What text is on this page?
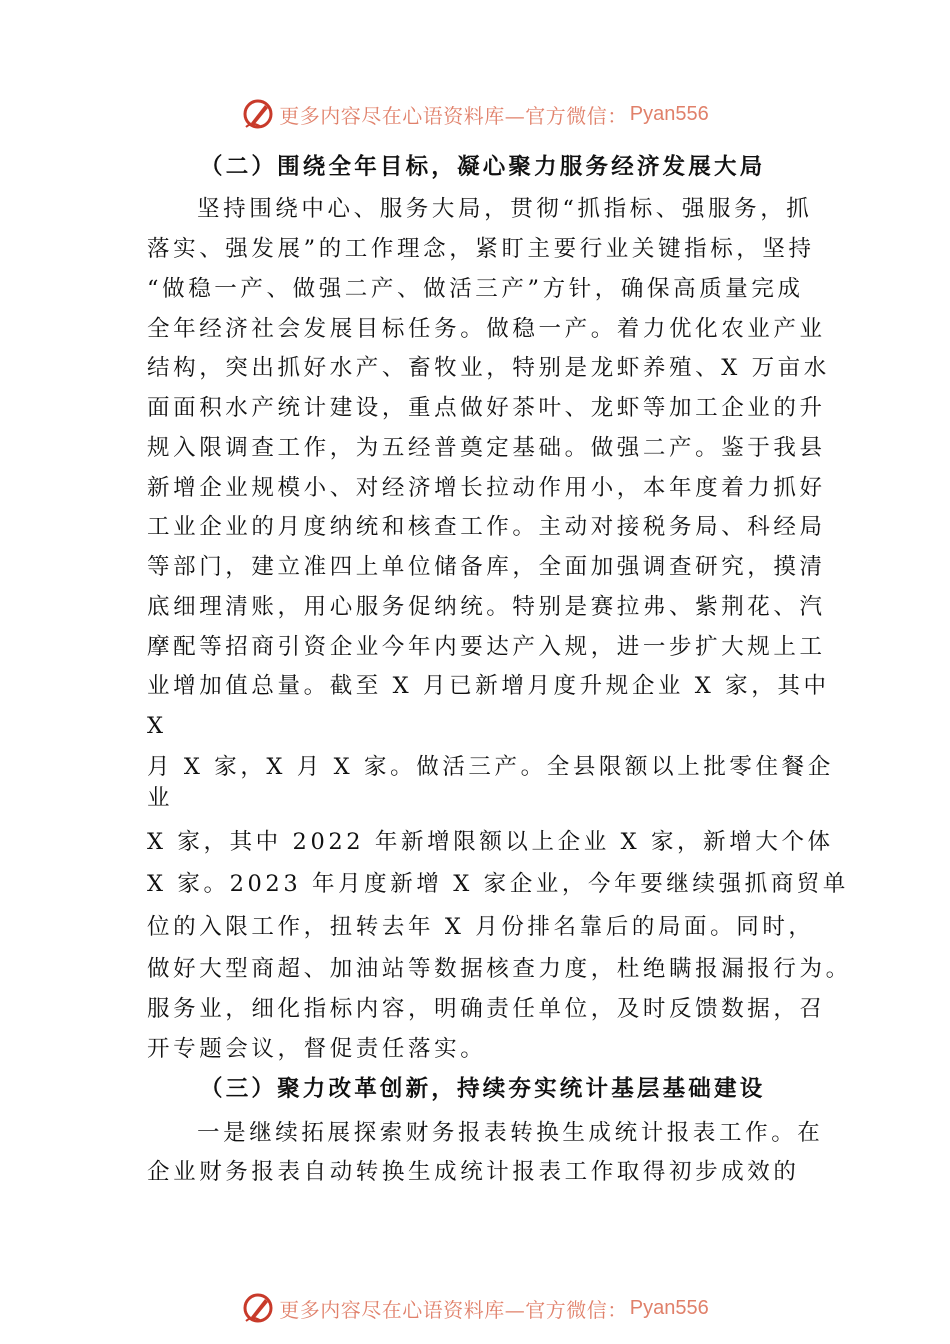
更多内容尽在心语资料库—官方微信： Pyan556
（二）围绕全年目标，凝心聚力服务经济发展大局
坚持围绕中心、服务大局，贯彻“抓指标、强服务，抓
落实、强发展”的工作理念，紧盯主要行业关键指标，坚持
“做稳一产、做强二产、做活三产”方针，确保高质量完成
全年经济社会发展目标任务。做稳一产。着力优化农业产业
结构，突出抓好水产、畜牧业，特别是龙虾养殖、X 万亩水
面面积水产统计建设，重点做好茶叶、龙虾等加工企业的升
规入限调查工作，为五经普奠定基础。做强二产。鉴于我县
新增企业规模小、对经济增长拉动作用小，本年度着力抓好
工业企业的月度纳统和核查工作。主动对接税务局、科经局
等部门，建立准四上单位储备库，全面加强调查研究，摸清
底细理清账，用心服务促纳统。特别是赛拉弗、紫荆花、汽
摩配等招商引资企业今年内要达产入规，进一步扩大规上工
业增加值总量。截至 X 月已新增月度升规企业 X 家，其中
X
月 X 家，X 月 X 家。做活三产。全县限额以上批零住餐企
业
X 家，其中 2022 年新增限额以上企业 X 家，新增大个体
X 家。2023 年月度新增 X 家企业，今年要继续强抓商贸单
位的入限工作，扭转去年 X 月份排名靠后的局面。同时，
做好大型商超、加油站等数据核查力度，杜绝瞒报漏报行为。
服务业，细化指标内容，明确责任单位，及时反馈数据，召
开专题会议，督促责任落实。
（三）聚力改革创新，持续夯实统计基层基础建设
一是继续拓展探索财务报表转换生成统计报表工作。在
企业财务报表自动转换生成统计报表工作取得初步成效的
更多内容尽在心语资料库—官方微信： Pyan556
